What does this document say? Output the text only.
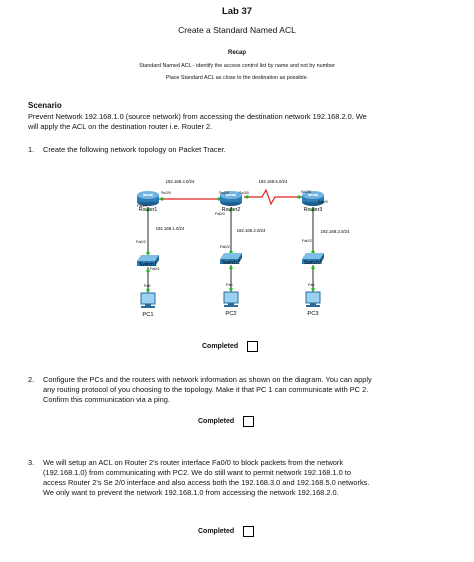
Lab 37
Create a Standard Named ACL
Recap
Standard Named ACL - identify the access control list by name and not by number
Place Standard ACL as close to the destination as possible.
Scenario
Prevent Network 192.168.1.0 (source network) from accessing the destination network 192.168.2.0. We
will apply the ACL on the destination router i.e. Router 2.
1. Create the following network topology on Packet Tracer.
192.168.4.0/24	192.168.5.0/24
192.168.1.0/24	192.168.2.0/24	192.168.3.0/24
Se2/0
Fa0/0
Se2/0	Se3/0
Fa0/0
Se2/0
Fa0/0
Fa0/2
Fa0/1
Fa0/2
Fa0/2
Fa0	Fa0	Fa0
Router1	Router2	Router3
Switch1	Switch2	Switch3
PC1	PC2	PC3
Completed
2. Configure the PCs and the routers with network information as shown on the diagram. You can apply
any routing protocol of you choosing to the topology. Make it that PC 1 can communicate with PC 2.
Confirm this communication via a ping.
Completed
3. We will setup an ACL on Router 2's router interface Fa0/0 to block packets from the network
(192.168.1.0) from communicating with PC2. We do still want to permit network 192.168.1.0 to
access Router 2's Se 2/0 interface and also access both the 192.168.3.0 and 192.168.5.0 networks.
We only want to prevent the network 192.168.1.0 from accessing the network 192.168.2.0.
Completed
